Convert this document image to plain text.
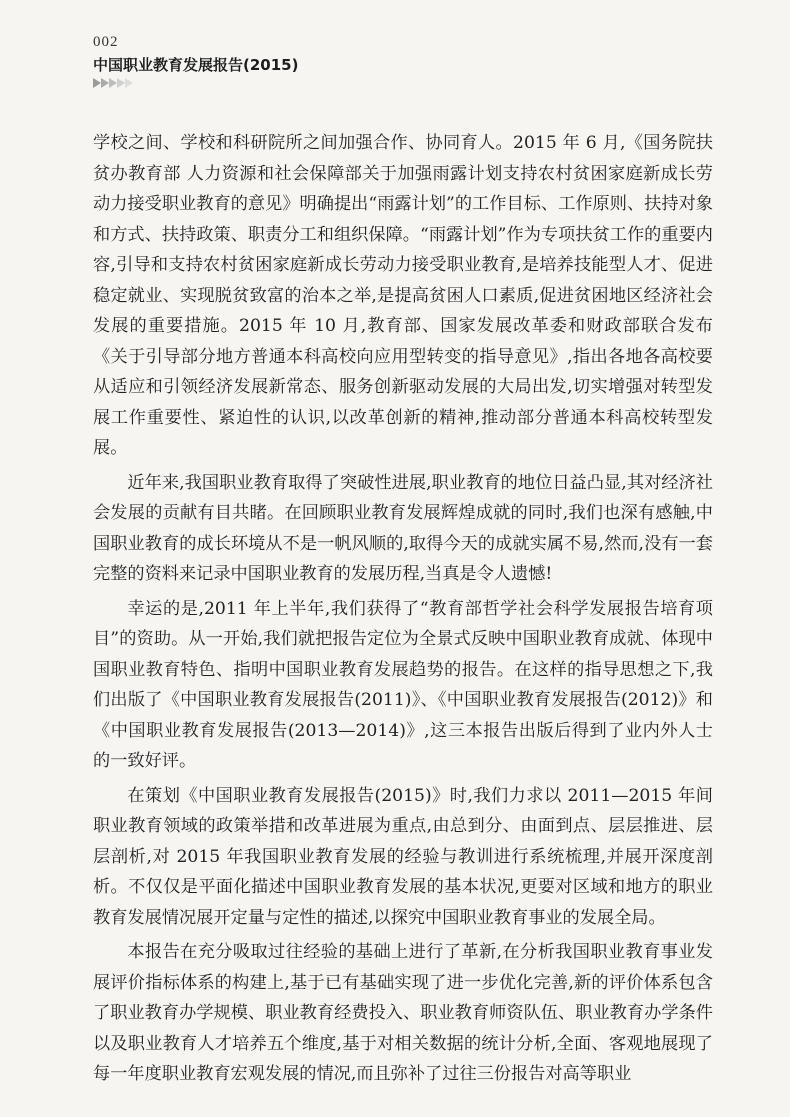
002

中国职业教育发展报告(2015)

学校之间、学校和科研院所之间加强合作、协同育人。2015 年 6 月,《国务院扶贫办教育部 人力资源和社会保障部关于加强雨露计划支持农村贫困家庭新成长劳动力接受职业教育的意见》明确提出“雨露计划”的工作目标、工作原则、扶持对象和方式、扶持政策、职责分工和组织保障。“雨露计划”作为专项扶贫工作的重要内容,引导和支持农村贫困家庭新成长劳动力接受职业教育,是培养技能型人才、促进稳定就业、实现脱贫致富的治本之举,是提高贫困人口素质,促进贫困地区经济社会发展的重要措施。2015 年 10 月,教育部、国家发展改革委和财政部联合发布《关于引导部分地方普通本科高校向应用型转变的指导意见》,指出各地各高校要从适应和引领经济发展新常态、服务创新驱动发展的大局出发,切实增强对转型发展工作重要性、紧迫性的认识,以改革创新的精神,推动部分普通本科高校转型发展。

近年来,我国职业教育取得了突破性进展,职业教育的地位日益凸显,其对经济社会发展的贡献有目共睹。在回顾职业教育发展辉煌成就的同时,我们也深有感触,中国职业教育的成长环境从不是一帆风顺的,取得今天的成就实属不易,然而,没有一套完整的资料来记录中国职业教育的发展历程,当真是令人遗憾!

幸运的是,2011 年上半年,我们获得了“教育部哲学社会科学发展报告培育项目”的资助。从一开始,我们就把报告定位为全景式反映中国职业教育成就、体现中国职业教育特色、指明中国职业教育发展趋势的报告。在这样的指导思想之下,我们出版了《中国职业教育发展报告(2011)》、《中国职业教育发展报告(2012)》和《中国职业教育发展报告(2013—2014)》,这三本报告出版后得到了业内外人士的一致好评。

在策划《中国职业教育发展报告(2015)》时,我们力求以 2011—2015 年间职业教育领域的政策举措和改革进展为重点,由总到分、由面到点、层层推进、层层剖析,对 2015 年我国职业教育发展的经验与教训进行系统梳理,并展开深度剖析。不仅仅是平面化描述中国职业教育发展的基本状况,更要对区域和地方的职业教育发展情况展开定量与定性的描述,以探究中国职业教育事业的发展全局。

本报告在充分吸取过往经验的基础上进行了革新,在分析我国职业教育事业发展评价指标体系的构建上,基于已有基础实现了进一步优化完善,新的评价体系包含了职业教育办学规模、职业教育经费投入、职业教育师资队伍、职业教育办学条件以及职业教育人才培养五个维度,基于对相关数据的统计分析,全面、客观地展现了每一年度职业教育宏观发展的情况,而且弥补了过往三份报告对高等职业
